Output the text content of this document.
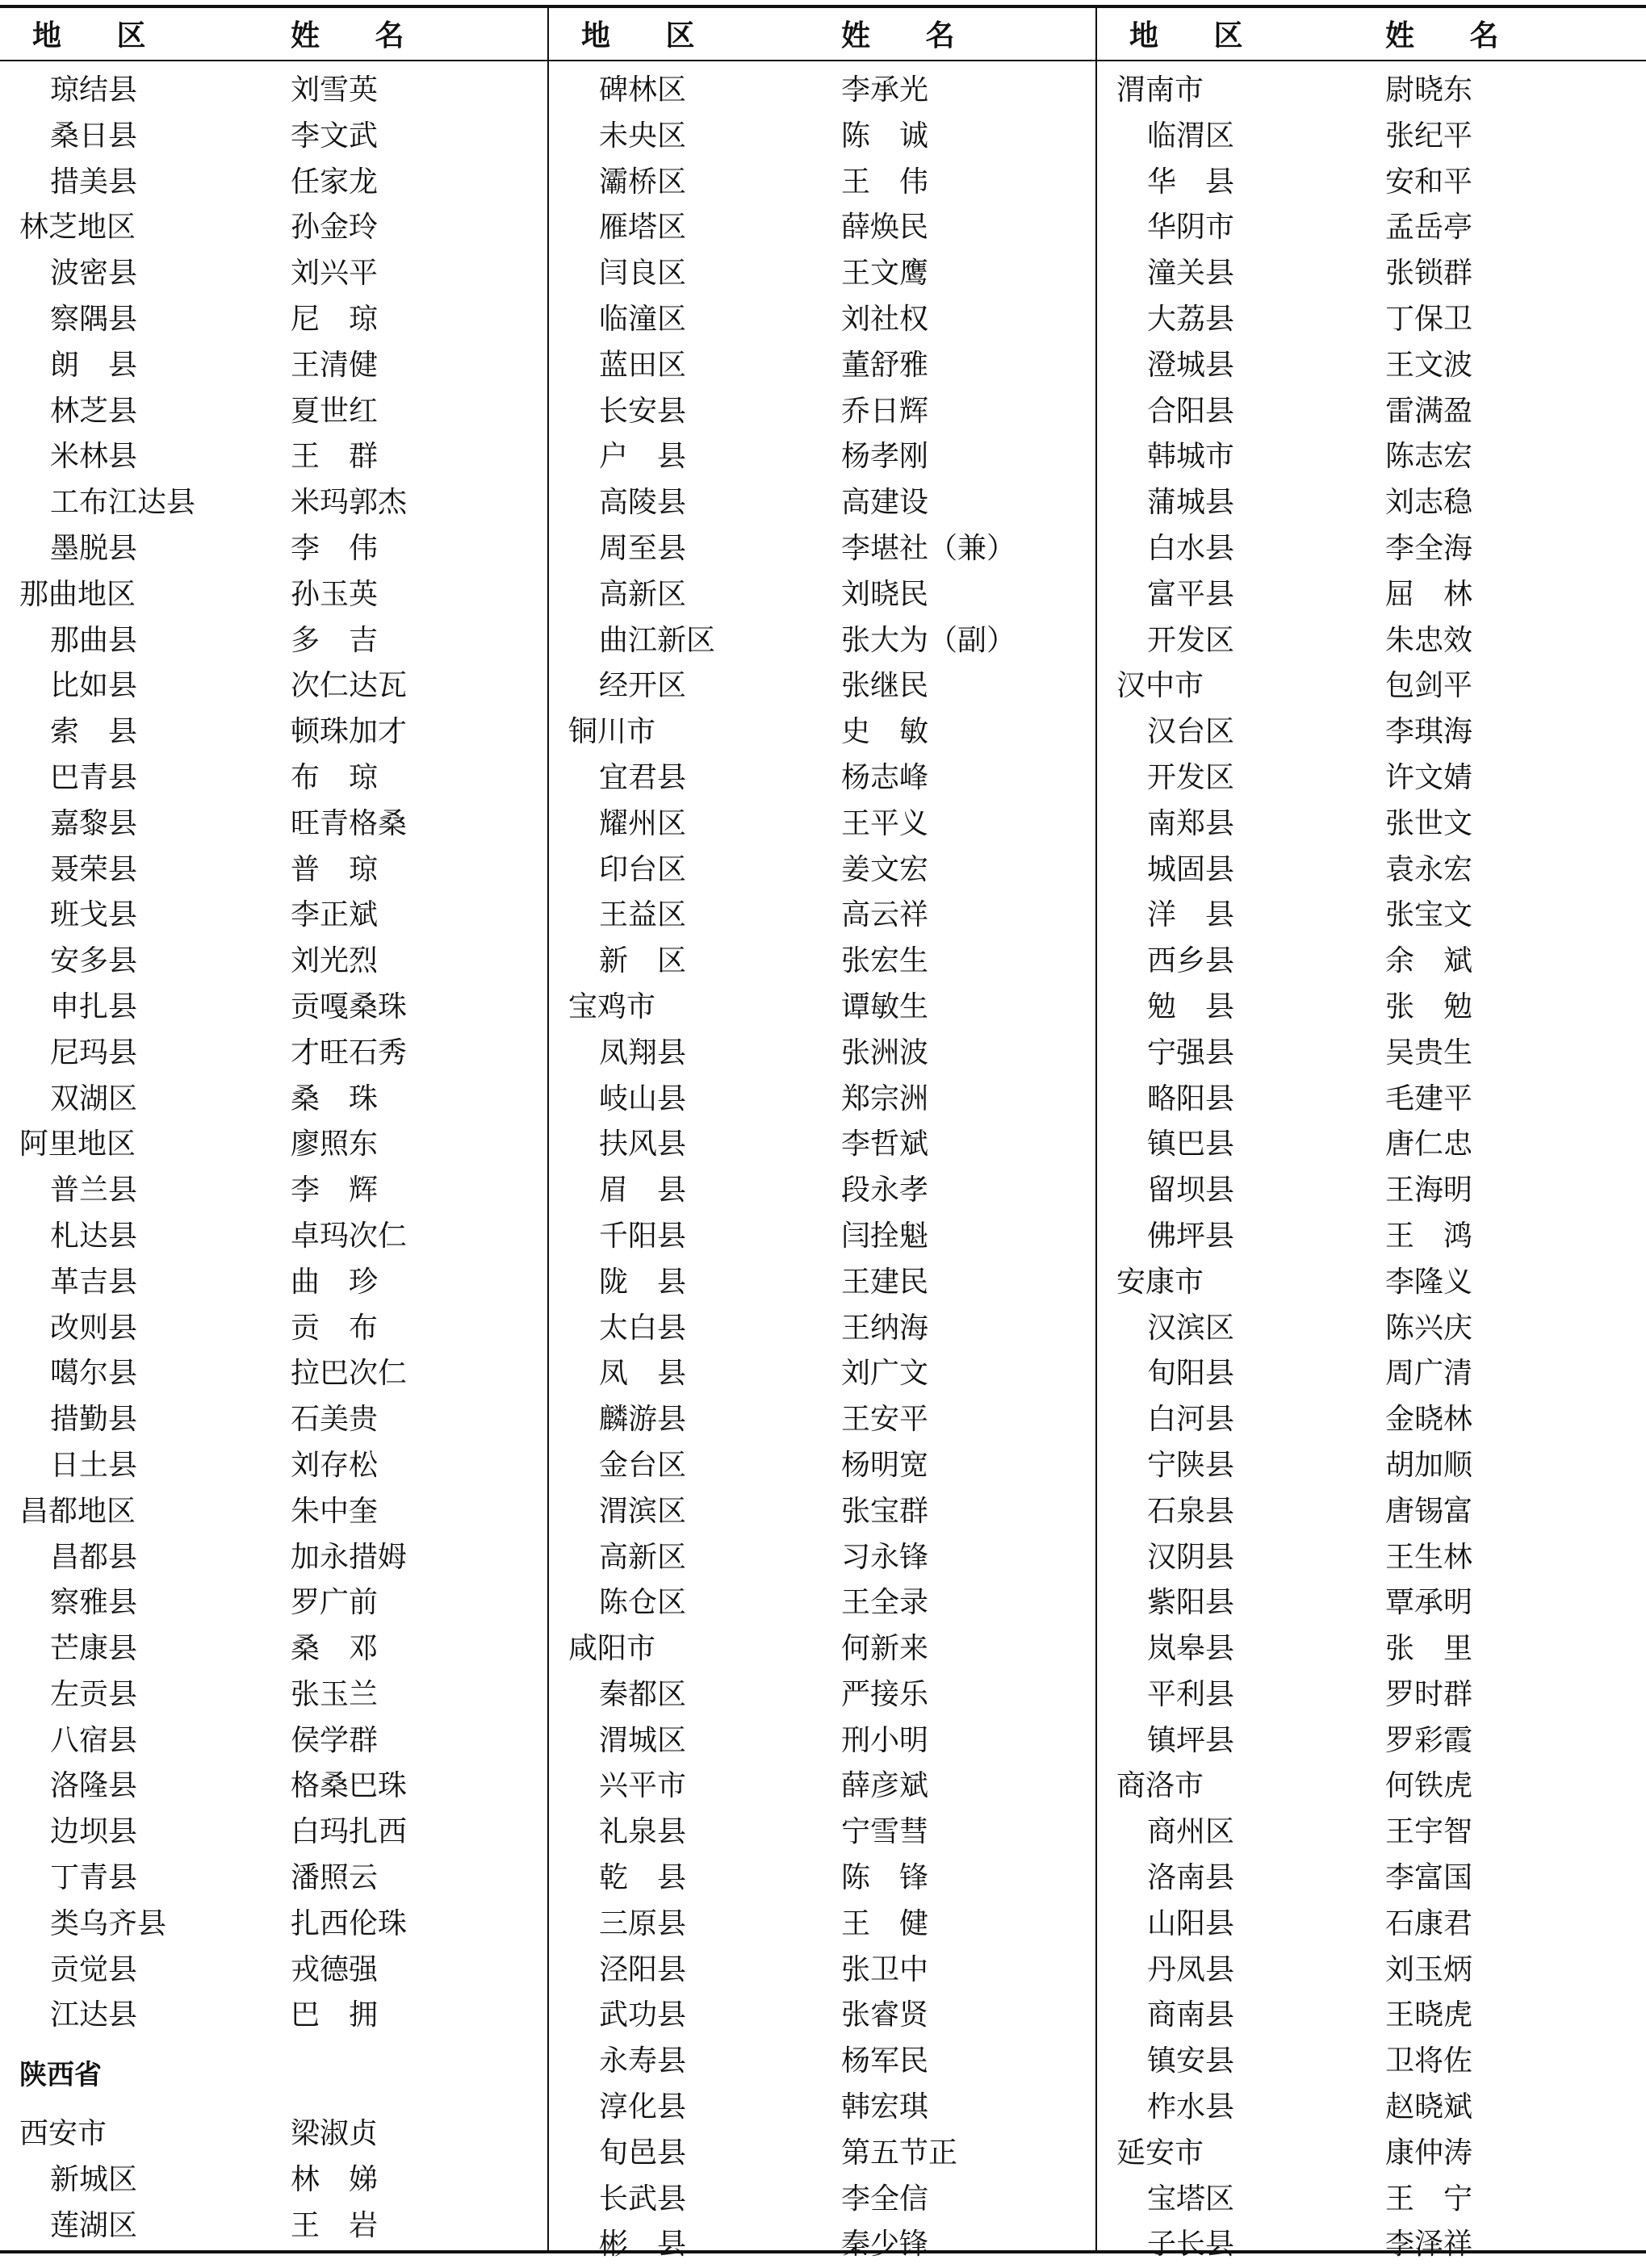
地 区	姓 名
琼结县	刘雪英
桑日县	李文武
措美县	任家龙
林芝地区	孙金玲
波密县	刘兴平
察隅县	尼　琼
朗　县	王清健
林芝县	夏世红
米林县	王　群
工布江达县	米玛郭杰
墨脱县	李　伟
那曲地区	孙玉英
那曲县	多　吉
比如县	次仁达瓦
索　县	顿珠加才
巴青县	布　琼
嘉黎县	旺青格桑
聂荣县	普　琼
班戈县	李正斌
安多县	刘光烈
申扎县	贡嘎桑珠
尼玛县	才旺石秀
双湖区	桑　珠
阿里地区	廖照东
普兰县	李　辉
札达县	卓玛次仁
革吉县	曲　珍
改则县	贡　布
噶尔县	拉巴次仁
措勤县	石美贵
日土县	刘存松
昌都地区	朱中奎
昌都县	加永措姆
察雅县	罗广前
芒康县	桑　邓
左贡县	张玉兰
八宿县	侯学群
洛隆县	格桑巴珠
边坝县	白玛扎西
丁青县	潘照云
类乌齐县	扎西伦珠
贡觉县	戎德强
江达县	巴　拥
陕西省
西安市	梁淑贞
新城区	林　娣
莲湖区	王　岩
地 区	姓 名
碑林区	李承光
未央区	陈　诚
灞桥区	王　伟
雁塔区	薛焕民
闫良区	王文鹰
临潼区	刘社权
蓝田区	董舒雅
长安县	乔日辉
户　县	杨孝刚
高陵县	高建设
周至县	李堪社（兼）
高新区	刘晓民
曲江新区	张大为（副）
经开区	张继民
铜川市	史　敏
宜君县	杨志峰
耀州区	王平义
印台区	姜文宏
王益区	高云祥
新　区	张宏生
宝鸡市	谭敏生
凤翔县	张洲波
岐山县	郑宗洲
扶风县	李哲斌
眉　县	段永孝
千阳县	闫拴魁
陇　县	王建民
太白县	王纳海
凤　县	刘广文
麟游县	王安平
金台区	杨明宽
渭滨区	张宝群
高新区	习永锋
陈仓区	王全录
咸阳市	何新来
秦都区	严接乐
渭城区	刑小明
兴平市	薛彦斌
礼泉县	宁雪彗
乾　县	陈　锋
三原县	王　健
泾阳县	张卫中
武功县	张睿贤
永寿县	杨军民
淳化县	韩宏琪
旬邑县	第五节正
长武县	李全信
彬　县	秦少锋
地 区	姓 名
渭南市	尉晓东
临渭区	张纪平
华　县	安和平
华阴市	孟岳亭
潼关县	张锁群
大荔县	丁保卫
澄城县	王文波
合阳县	雷满盈
韩城市	陈志宏
蒲城县	刘志稳
白水县	李全海
富平县	屈　林
开发区	朱忠效
汉中市	包剑平
汉台区	李琪海
开发区	许文婧
南郑县	张世文
城固县	袁永宏
洋　县	张宝文
西乡县	余　斌
勉　县	张　勉
宁强县	吴贵生
略阳县	毛建平
镇巴县	唐仁忠
留坝县	王海明
佛坪县	王　鸿
安康市	李隆义
汉滨区	陈兴庆
旬阳县	周广清
白河县	金晓林
宁陕县	胡加顺
石泉县	唐锡富
汉阴县	王生林
紫阳县	覃承明
岚皋县	张　里
平利县	罗时群
镇坪县	罗彩霞
商洛市	何铁虎
商州区	王宇智
洛南县	李富国
山阳县	石康君
丹凤县	刘玉炳
商南县	王晓虎
镇安县	卫将佐
柞水县	赵晓斌
延安市	康仲涛
宝塔区	王　宁
子长县	李泽祥
